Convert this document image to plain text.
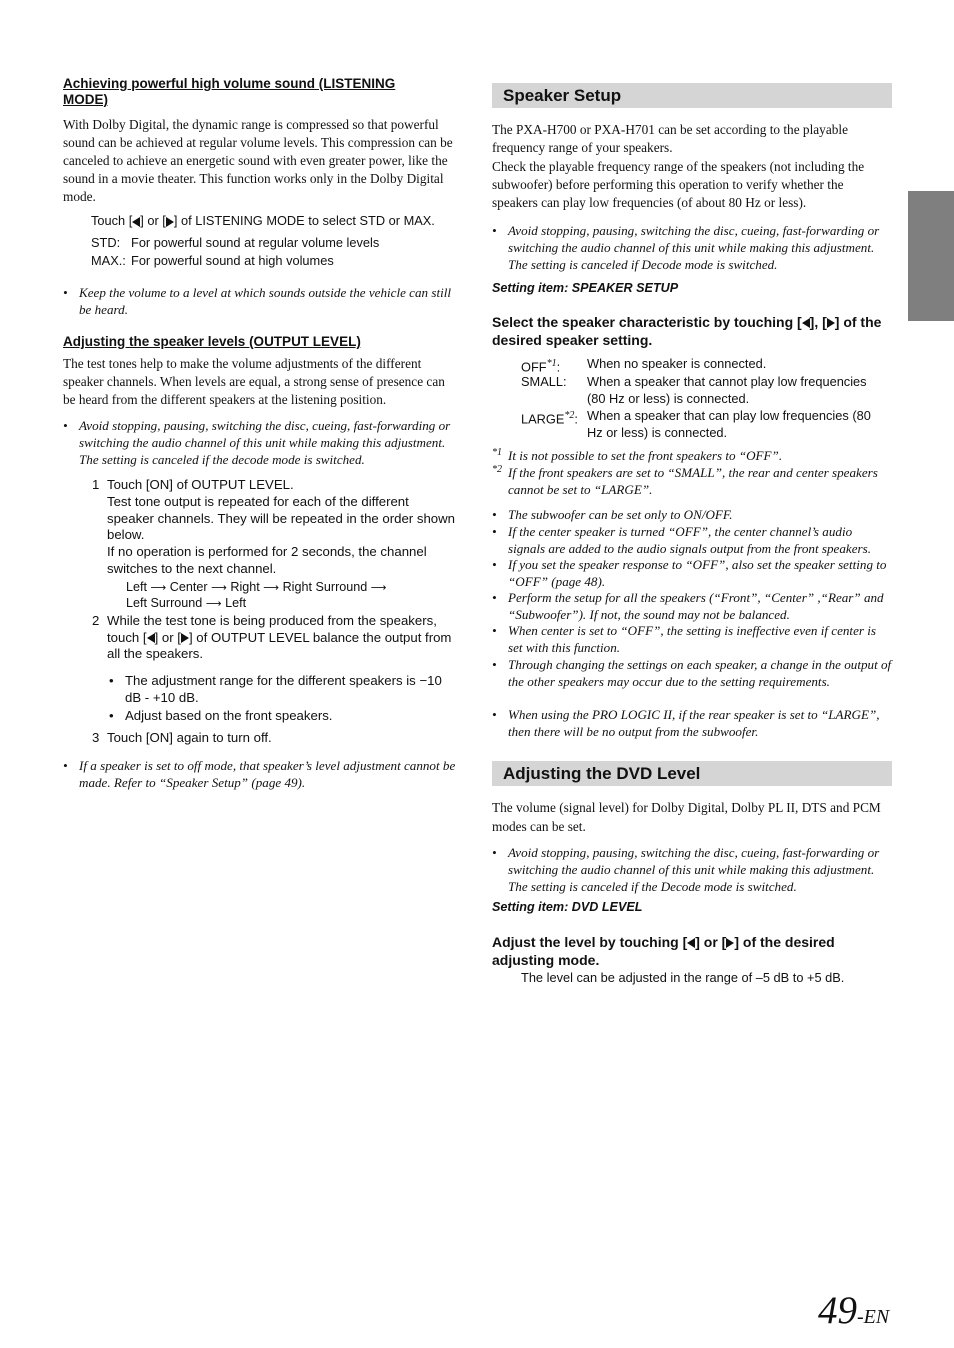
Achieving powerful high volume sound (LISTENING MODE)

With Dolby Digital, the dynamic range is compressed so that powerful sound can be achieved at regular volume levels. This compression can be canceled to achieve an energetic sound with even greater power, like the sound in a movie theater. This function works only in the Dolby Digital mode.

Touch [ ] or [ ] of LISTENING MODE to select STD or MAX.
STD: For powerful sound at regular volume levels
MAX.: For powerful sound at high volumes
• Keep the volume to a level at which sounds outside the vehicle can still be heard.
Adjusting the speaker levels (OUTPUT LEVEL)

The test tones help to make the volume adjustments of the different speaker channels. When levels are equal, a strong sense of presence can be heard from the different speakers at the listening position.

• Avoid stopping, pausing, switching the disc, cueing, fast-forwarding or switching the audio channel of this unit while making this adjustment. The setting is canceled if the decode mode is switched.
1 Touch [ON] of OUTPUT LEVEL.
Test tone output is repeated for each of the different speaker channels. They will be repeated in the order shown below.
If no operation is performed for 2 seconds, the channel switches to the next channel.
Left ⟶ Center ⟶ Right ⟶ Right Surround ⟶
Left Surround ⟶ Left
2 While the test tone is being produced from the speakers, touch [ ] or [ ] of OUTPUT LEVEL balance the output from all the speakers.
• The adjustment range for the different speakers is −10 dB - +10 dB.
• Adjust based on the front speakers.
3 Touch [ON] again to turn off.
• If a speaker is set to off mode, that speaker’s level adjustment cannot be made. Refer to “Speaker Setup” (page 49).
Speaker Setup

The PXA-H700 or PXA-H701 can be set according to the playable frequency range of your speakers.

Check the playable frequency range of the speakers (not including the subwoofer) before performing this operation to verify whether the speakers can play low frequencies (of about 80 Hz or less).

• Avoid stopping, pausing, switching the disc, cueing, fast-forwarding or switching the audio channel of this unit while making this adjustment. The setting is canceled if Decode mode is switched.
Setting item: SPEAKER SETUP
Select the speaker characteristic by touching [ ], [ ] of the desired speaker setting.
OFF$^{*1}$:	When no speaker is connected.
SMALL:	When a speaker that cannot play low frequencies (80 Hz or less) is connected.
LARGE$^{*2}$: When a speaker that can play low frequencies (80 Hz or less) is connected.
*1 It is not possible to set the front speakers to “OFF”.
*2 If the front speakers are set to “SMALL”, the rear and center speakers cannot be set to “LARGE”.
• The subwoofer can be set only to ON/OFF.
• If the center speaker is turned “OFF”, the center channel’s audio signals are added to the audio signals output from the front speakers.
• If you set the speaker response to “OFF”, also set the speaker setting to “OFF” (page 48).
• Perform the setup for all the speakers (“Front”, “Center” ,“Rear” and “Subwoofer”). If not, the sound may not be balanced.
• When center is set to “OFF”, the setting is ineffective even if center is set with this function.
• Through changing the settings on each speaker, a change in the output of the other speakers may occur due to the setting requirements.
• When using the PRO LOGIC II, if the rear speaker is set to “LARGE”, then there will be no output from the subwoofer.
Adjusting the DVD Level

The volume (signal level) for Dolby Digital, Dolby PL II, DTS and PCM modes can be set.

• Avoid stopping, pausing, switching the disc, cueing, fast-forwarding or switching the audio channel of this unit while making this adjustment. The setting is canceled if the Decode mode is switched.
Setting item: DVD LEVEL
Adjust the level by touching [ ] or [ ] of the desired adjusting mode.
The level can be adjusted in the range of –5 dB to +5 dB.
49-EN
